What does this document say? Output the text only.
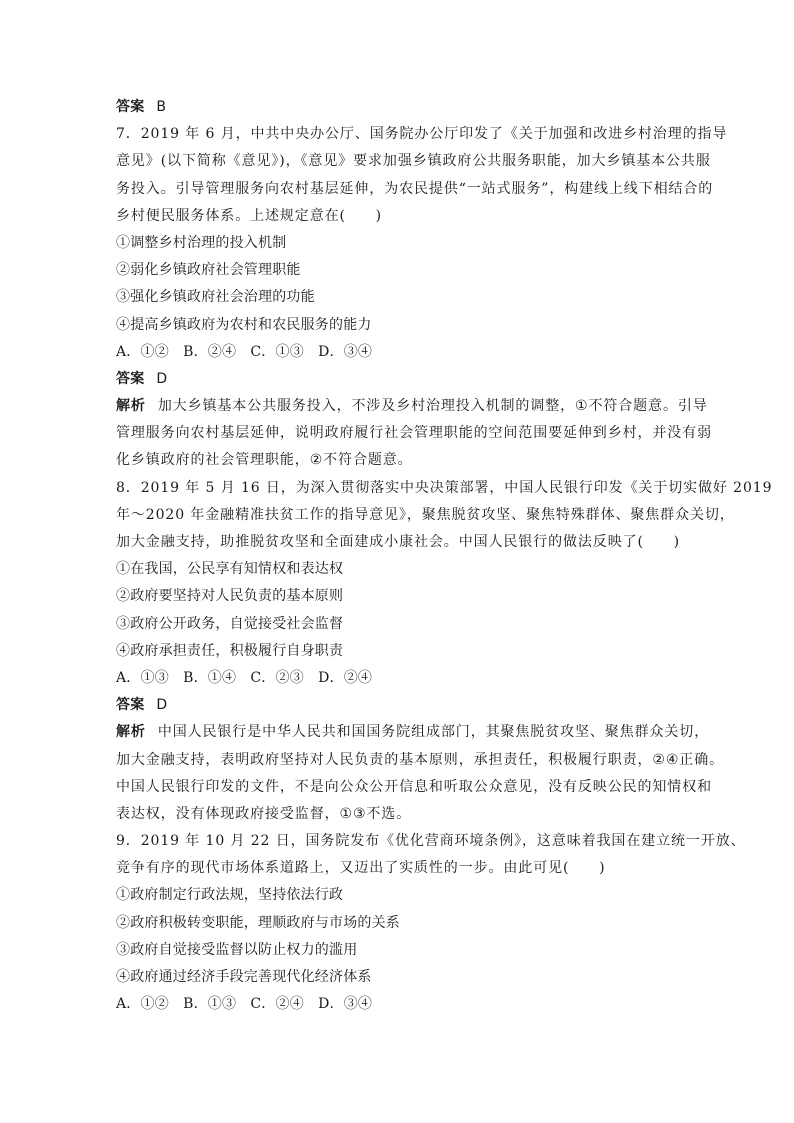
答案 B
7．2019 年 6 月，中共中央办公厅、国务院办公厅印发了《关于加强和改进乡村治理的指导
意见》(以下简称《意见》)，《意见》要求加强乡镇政府公共服务职能，加大乡镇基本公共服
务投入。引导管理服务向农村基层延伸，为农民提供“一站式服务”，构建线上线下相结合的
乡村便民服务体系。上述规定意在(　　)
①调整乡村治理的投入机制
②弱化乡镇政府社会管理职能
③强化乡镇政府社会治理的功能
④提高乡镇政府为农村和农民服务的能力
A．①②　B．②④　C．①③　D．③④
答案 D
解析 加大乡镇基本公共服务投入，不涉及乡村治理投入机制的调整，①不符合题意。引导
管理服务向农村基层延伸，说明政府履行社会管理职能的空间范围要延伸到乡村，并没有弱
化乡镇政府的社会管理职能，②不符合题意。
8．2019 年 5 月 16 日，为深入贯彻落实中央决策部署，中国人民银行印发《关于切实做好 2019
年～2020 年金融精准扶贫工作的指导意见》，聚焦脱贫攻坚、聚焦特殊群体、聚焦群众关切，
加大金融支持，助推脱贫攻坚和全面建成小康社会。中国人民银行的做法反映了(　　)
①在我国，公民享有知情权和表达权
②政府要坚持对人民负责的基本原则
③政府公开政务，自觉接受社会监督
④政府承担责任，积极履行自身职责
A．①③　B．①④　C．②③　D．②④
答案 D
解析 中国人民银行是中华人民共和国国务院组成部门，其聚焦脱贫攻坚、聚焦群众关切，
加大金融支持，表明政府坚持对人民负责的基本原则，承担责任，积极履行职责，②④正确。
中国人民银行印发的文件，不是向公众公开信息和听取公众意见，没有反映公民的知情权和
表达权，没有体现政府接受监督，①③不选。
9．2019 年 10 月 22 日，国务院发布《优化营商环境条例》，这意味着我国在建立统一开放、
竞争有序的现代市场体系道路上，又迈出了实质性的一步。由此可见(　　)
①政府制定行政法规，坚持依法行政
②政府积极转变职能，理顺政府与市场的关系
③政府自觉接受监督以防止权力的滥用
④政府通过经济手段完善现代化经济体系
A．①②　B．①③　C．②④　D．③④
